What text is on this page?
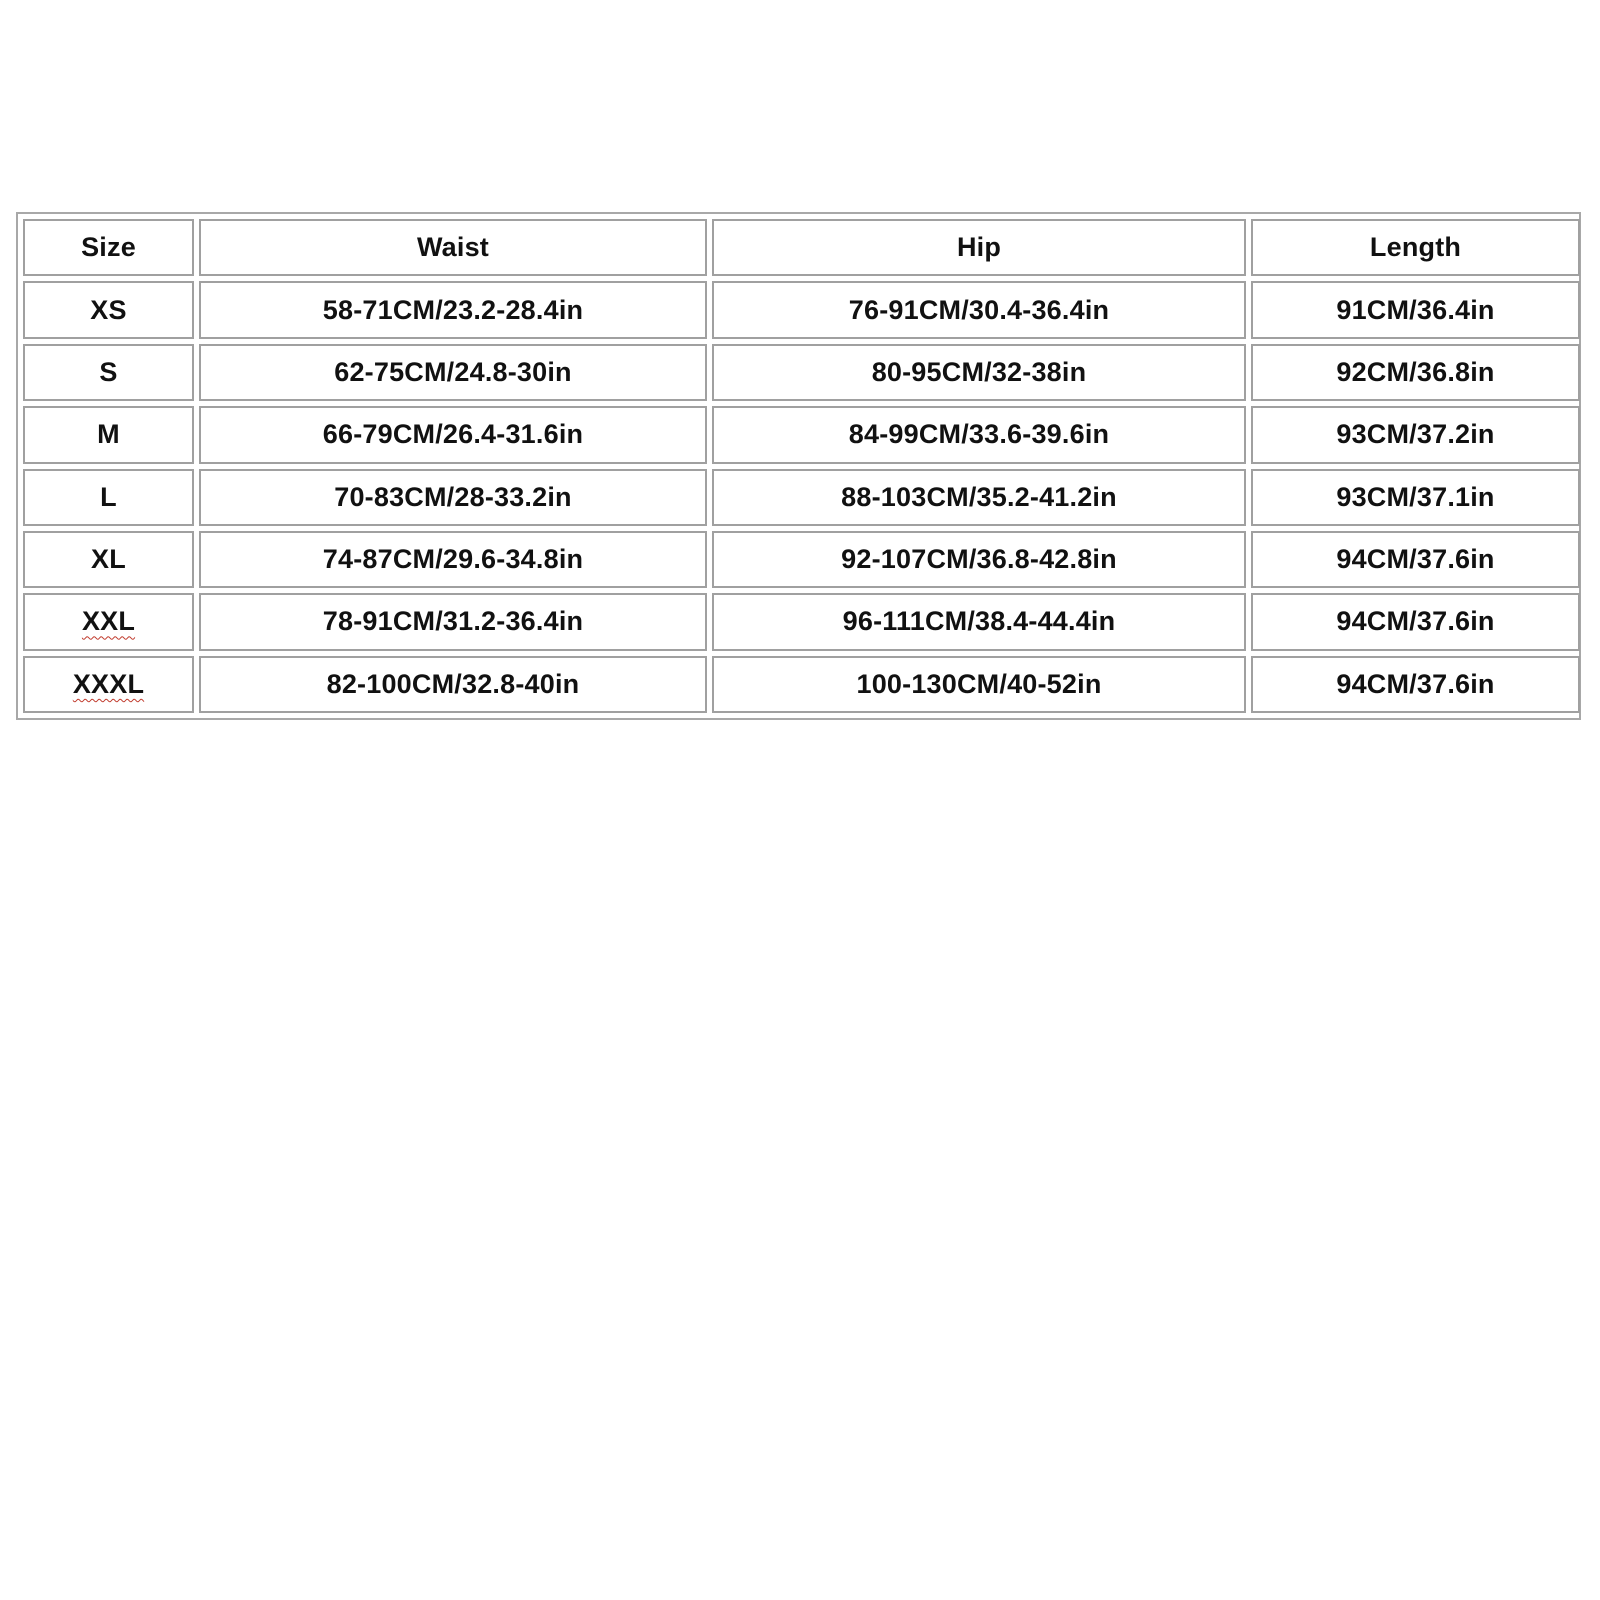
Size	Waist	Hip	Length
XS	58-71CM/23.2-28.4in	76-91CM/30.4-36.4in	91CM/36.4in
S	62-75CM/24.8-30in	80-95CM/32-38in	92CM/36.8in
M	66-79CM/26.4-31.6in	84-99CM/33.6-39.6in	93CM/37.2in
L	70-83CM/28-33.2in	88-103CM/35.2-41.2in	93CM/37.1in
XL	74-87CM/29.6-34.8in	92-107CM/36.8-42.8in	94CM/37.6in
XXL	78-91CM/31.2-36.4in	96-111CM/38.4-44.4in	94CM/37.6in
XXXL	82-100CM/32.8-40in	100-130CM/40-52in	94CM/37.6in
